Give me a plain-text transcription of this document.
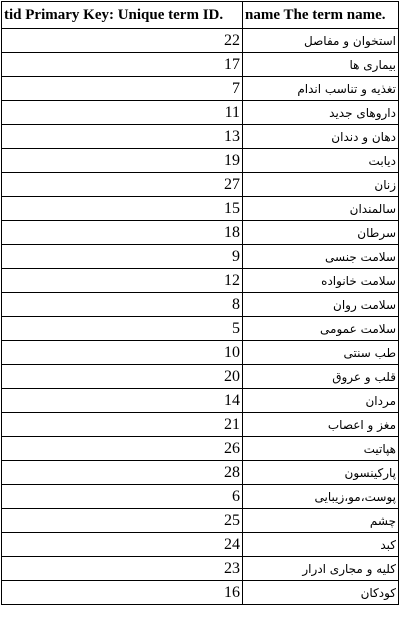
tid Primary Key: Unique term ID.	name The term name.
22	استخوان و مفاصل
17	بیماری ها
7	تغذیه و تناسب اندام
11	داروهای جدید
13	دهان و دندان
19	دیابت
27	زنان
15	سالمندان
18	سرطان
9	سلامت جنسی
12	سلامت خانواده
8	سلامت روان
5	سلامت عمومی
10	طب سنتی
20	قلب و عروق
14	مردان
21	مغز و اعصاب
26	هپاتیت
28	پارکینسون
6	پوست،مو،زیبایی
25	چشم
24	کبد
23	کلیه و مجاری ادرار
16	کودکان
